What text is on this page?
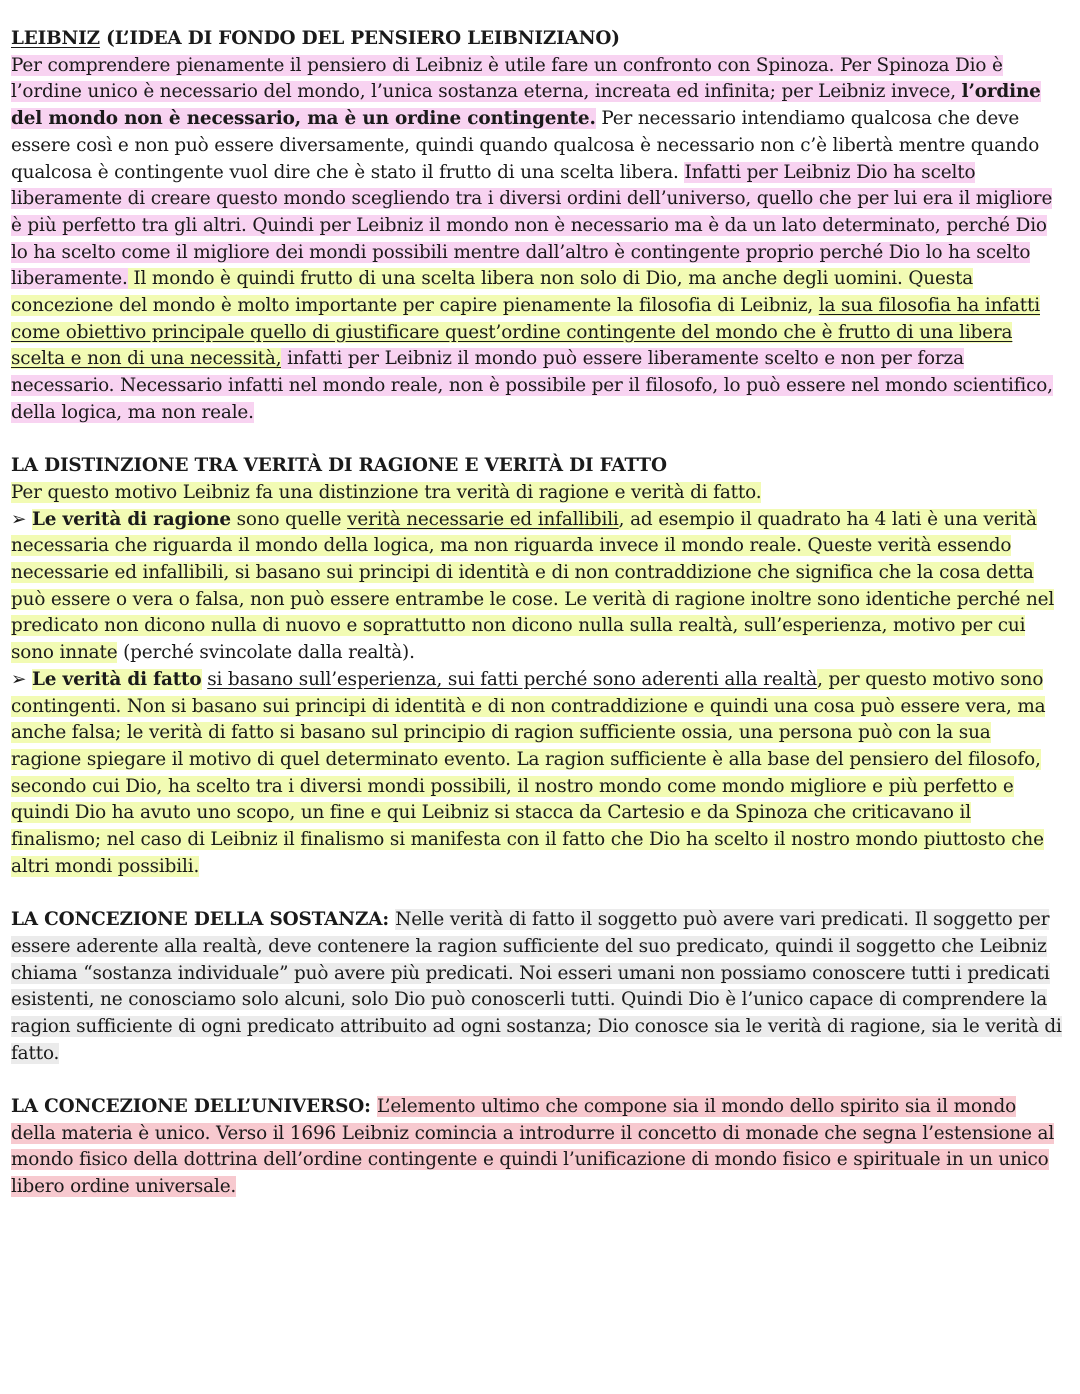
LEIBNIZ (L’IDEA DI FONDO DEL PENSIERO LEIBNIZIANO)
Per comprendere pienamente il pensiero di Leibniz è utile fare un confronto con Spinoza. Per Spinoza Dio è l’ordine unico è necessario del mondo, l’unica sostanza eterna, increata ed infinita; per Leibniz invece, l’ordine del mondo non è necessario, ma è un ordine contingente. Per necessario intendiamo qualcosa che deve essere così e non può essere diversamente, quindi quando qualcosa è necessario non c’è libertà mentre quando qualcosa è contingente vuol dire che è stato il frutto di una scelta libera. Infatti per Leibniz Dio ha scelto liberamente di creare questo mondo scegliendo tra i diversi ordini dell’universo, quello che per lui era il migliore è più perfetto tra gli altri. Quindi per Leibniz il mondo non è necessario ma è da un lato determinato, perché Dio lo ha scelto come il migliore dei mondi possibili mentre dall’altro è contingente proprio perché Dio lo ha scelto liberamente. Il mondo è quindi frutto di una scelta libera non solo di Dio, ma anche degli uomini. Questa concezione del mondo è molto importante per capire pienamente la filosofia di Leibniz, la sua filosofia ha infatti come obiettivo principale quello di giustificare quest’ordine contingente del mondo che è frutto di una libera scelta e non di una necessità, infatti per Leibniz il mondo può essere liberamente scelto e non per forza necessario. Necessario infatti nel mondo reale, non è possibile per il filosofo, lo può essere nel mondo scientifico, della logica, ma non reale.

LA DISTINZIONE TRA VERITÀ DI RAGIONE E VERITÀ DI FATTO
Per questo motivo Leibniz fa una distinzione tra verità di ragione e verità di fatto.
➢ Le verità di ragione sono quelle verità necessarie ed infallibili, ad esempio il quadrato ha 4 lati è una verità necessaria che riguarda il mondo della logica, ma non riguarda invece il mondo reale. Queste verità essendo necessarie ed infallibili, si basano sui principi di identità e di non contraddizione che significa che la cosa detta può essere o vera o falsa, non può essere entrambe le cose. Le verità di ragione inoltre sono identiche perché nel predicato non dicono nulla di nuovo e soprattutto non dicono nulla sulla realtà, sull’esperienza, motivo per cui sono innate (perché svincolate dalla realtà).
➢ Le verità di fatto si basano sull’esperienza, sui fatti perché sono aderenti alla realtà, per questo motivo sono contingenti. Non si basano sui principi di identità e di non contraddizione e quindi una cosa può essere vera, ma anche falsa; le verità di fatto si basano sul principio di ragion sufficiente ossia, una persona può con la sua ragione spiegare il motivo di quel determinato evento. La ragion sufficiente è alla base del pensiero del filosofo, secondo cui Dio, ha scelto tra i diversi mondi possibili, il nostro mondo come mondo migliore e più perfetto e quindi Dio ha avuto uno scopo, un fine e qui Leibniz si stacca da Cartesio e da Spinoza che criticavano il finalismo; nel caso di Leibniz il finalismo si manifesta con il fatto che Dio ha scelto il nostro mondo piuttosto che altri mondi possibili.

LA CONCEZIONE DELLA SOSTANZA: Nelle verità di fatto il soggetto può avere vari predicati. Il soggetto per essere aderente alla realtà, deve contenere la ragion sufficiente del suo predicato, quindi il soggetto che Leibniz chiama “sostanza individuale” può avere più predicati. Noi esseri umani non possiamo conoscere tutti i predicati esistenti, ne conosciamo solo alcuni, solo Dio può conoscerli tutti. Quindi Dio è l’unico capace di comprendere la ragion sufficiente di ogni predicato attribuito ad ogni sostanza; Dio conosce sia le verità di ragione, sia le verità di fatto.

LA CONCEZIONE DELL’UNIVERSO: L’elemento ultimo che compone sia il mondo dello spirito sia il mondo della materia è unico. Verso il 1696 Leibniz comincia a introdurre il concetto di monade che segna l’estensione al mondo fisico della dottrina dell’ordine contingente e quindi l’unificazione di mondo fisico e spirituale in un unico libero ordine universale.
